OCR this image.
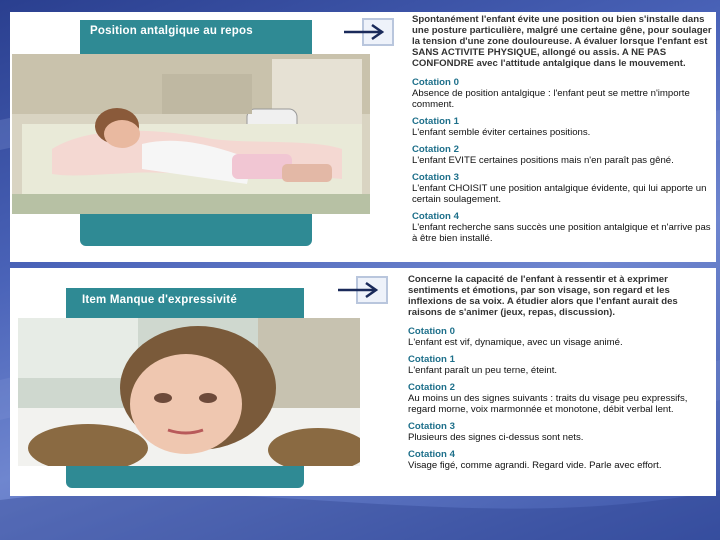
Position antalgique au repos
Spontanément l'enfant évite une position ou bien s'installe dans une posture particulière, malgré une certaine gêne, pour soulager la tension d'une zone douloureuse. A évaluer lorsque l'enfant est SANS ACTIVITE PHYSIQUE, allongé ou assis. A NE PAS CONFONDRE avec l'attitude antalgique dans le mouvement.
Cotation 0
Absence de position antalgique : l'enfant peut se mettre n'importe comment.
Cotation 1
L'enfant semble éviter certaines positions.
Cotation 2
L'enfant EVITE certaines positions mais n'en paraît pas gêné.
Cotation 3
L'enfant CHOISIT une position antalgique évidente, qui lui apporte un certain soulagement.
Cotation 4
L'enfant recherche sans succès une position antalgique et n'arrive pas à être bien installé.
Item Manque d'expressivité
Concerne la capacité de l'enfant à ressentir et à exprimer sentiments et émotions, par son visage, son regard et les inflexions de sa voix. A étudier alors que l'enfant aurait des raisons de s'animer (jeux, repas, discussion).
Cotation 0
L'enfant est vif, dynamique, avec un visage animé.
Cotation 1
L'enfant paraît un peu terne, éteint.
Cotation 2
Au moins un des signes suivants : traits du visage peu expressifs, regard morne, voix marmonnée et monotone, débit verbal lent.
Cotation 3
Plusieurs des signes ci-dessus sont nets.
Cotation 4
Visage figé, comme agrandi. Regard vide. Parle avec effort.
